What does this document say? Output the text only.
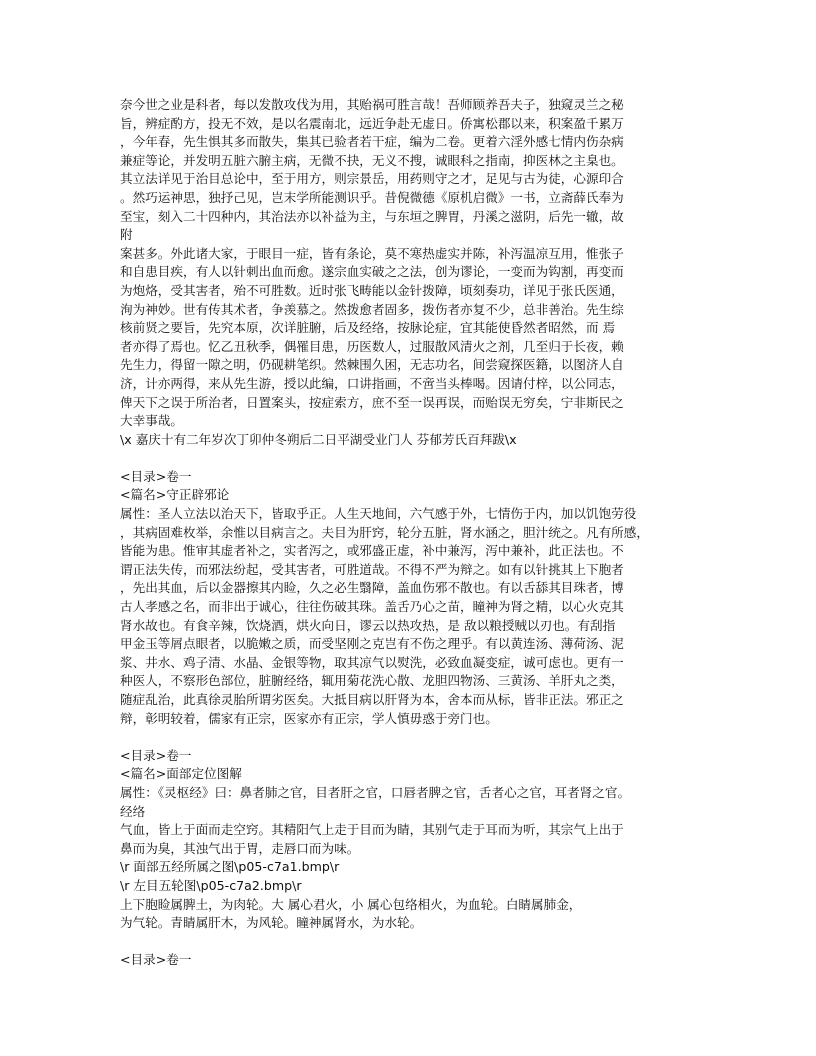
奈今世之业是科者，每以发散攻伐为用，其贻祸可胜言哉！吾师顾养吾夫子，独窥灵兰之秘
旨，辨症酌方，投无不效，是以名震南北，远近争赴无虚日。侨寓松郡以来，积案盈千累万
，今年春，先生惧其多而散失，集其已验者若干症，编为二卷。更着六淫外感七情内伤杂病
兼症等论，并发明五脏六腑主病，无微不抉，无义不搜，诚眼科之指南，抑医林之主臬也。
其立法详见于治目总论中，至于用方，则宗景岳，用药则守之才，足见与古为徒，心源印合
。然巧运神思，独抒己见，岂末学所能测识乎。昔倪微德《原机启微》一书，立斋薛氏奉为
至宝，刻入二十四种内，其治法亦以补益为主，与东垣之脾胃，丹溪之滋阴，后先一辙，故
附
案甚多。外此诸大家，于眼目一症，皆有条论，莫不寒热虚实并陈，补泻温凉互用，惟张子
和自患目疾，有人以针刺出血而愈。遂宗血实破之之法，创为谬论，一变而为钩割，再变而
为炮烙，受其害者，殆不可胜数。近时张飞畴能以金针拨障，顷刻奏功，详见于张氏医通，
洵为神妙。世有传其术者，争羡慕之。然拨愈者固多，拨伤者亦复不少，总非善治。先生综
核前贤之要旨，先究本原，次详脏腑，后及经络，按脉论症，宜其能使昏然者昭然，而 焉
者亦得了焉也。忆乙丑秋季，偶罹目患，历医数人，过服散风清火之剂，几至归于长夜，赖
先生力，得留一隙之明，仍砚耕笔织。然棘围久困，无志功名，间尝窥探医籍，以图济人自
济，计亦两得，来从先生游，授以此编，口讲指画，不啻当头棒喝。因请付梓，以公同志，
俾天下之误于所治者，日置案头，按症索方，庶不至一误再误，而贻误无穷矣，宁非斯民之
大幸事哉。
\x 嘉庆十有二年岁次丁卯仲冬朔后二日平湖受业门人 芬郁芳氏百拜跋\x
<目录>卷一
<篇名>守正辟邪论
属性：圣人立法以治天下，皆取乎正。人生天地间，六气感于外，七情伤于内，加以饥饱劳役
，其病固难枚举，余惟以目病言之。夫目为肝窍，轮分五脏，肾水涵之，胆汁统之。凡有所感，
皆能为患。惟审其虚者补之，实者泻之，或邪盛正虚，补中兼泻，泻中兼补，此正法也。不
谓正法失传，而邪法纷起，受其害者，可胜道哉。不得不严为辩之。如有以针挑其上下胞者
，先出其血，后以金器擦其内睑，久之必生翳障，盖血伤邪不散也。有以舌舔其目珠者，博
古人孝感之名，而非出于诚心，往往伤破其珠。盖舌乃心之苗，瞳神为肾之精，以心火克其
肾水故也。有食辛辣，饮烧酒，烘火向日，谬云以热攻热，是 敌以粮授贼以刃也。有刮指
甲金玉等屑点眼者，以脆嫩之质，而受坚刚之克岂有不伤之理乎。有以黄连汤、薄荷汤、泥
浆、井水、鸡子清、水晶、金银等物，取其凉气以熨洗，必致血凝变症，诚可虑也。更有一
种医人，不察形色部位，脏腑经络，辄用菊花洗心散、龙胆四物汤、三黄汤、羊肝丸之类，
随症乱治，此真徐灵胎所谓劣医矣。大抵目病以肝肾为本，舍本而从标，皆非正法。邪正之
辩，彰明较着，儒家有正宗，医家亦有正宗，学人慎毋惑于旁门也。
<目录>卷一
<篇名>面部定位图解
属性：《灵枢经》曰：鼻者肺之官，目者肝之官，口唇者脾之官，舌者心之官，耳者肾之官。
经络
气血，皆上于面而走空窍。其精阳气上走于目而为睛，其别气走于耳而为听，其宗气上出于
鼻而为臭，其浊气出于胃，走唇口而为味。
\r 面部五经所属之图\p05-c7a1.bmp\r
\r 左目五轮图\p05-c7a2.bmp\r
上下胞睑属脾土，为肉轮。大 属心君火，小 属心包络相火，为血轮。白睛属肺金，
为气轮。青睛属肝木，为风轮。瞳神属肾水，为水轮。
<目录>卷一
